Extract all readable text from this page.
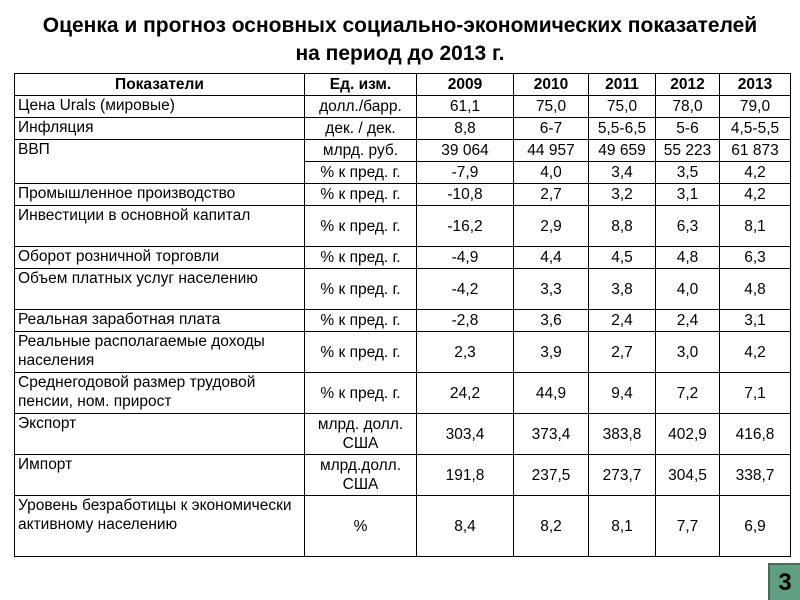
Оценка и прогноз основных социально-экономических показателей
на период до 2013 г.
Показатели	Ед. изм.	2009	2010	2011	2012	2013
Цена Urals (мировые)	долл./барр.	61,1	75,0	75,0	78,0	79,0
Инфляция	дек. / дек.	8,8	6-7	5,5-6,5	5-6	4,5-5,5
ВВП	млрд. руб.	39 064	44 957	49 659	55 223	61 873
	% к пред. г.	-7,9	4,0	3,4	3,5	4,2
Промышленное производство	% к пред. г.	-10,8	2,7	3,2	3,1	4,2
Инвестиции в основной капитал	% к пред. г.	-16,2	2,9	8,8	6,3	8,1
Оборот розничной торговли	% к пред. г.	-4,9	4,4	4,5	4,8	6,3
Объем платных услуг населению	% к пред. г.	-4,2	3,3	3,8	4,0	4,8
Реальная заработная плата	% к пред. г.	-2,8	3,6	2,4	2,4	3,1
Реальные располагаемые доходы населения	% к пред. г.	2,3	3,9	2,7	3,0	4,2
Среднегодовой размер трудовой пенсии, ном. прирост	% к пред. г.	24,2	44,9	9,4	7,2	7,1
Экспорт	млрд. долл. США	303,4	373,4	383,8	402,9	416,8
Импорт	млрд.долл. США	191,8	237,5	273,7	304,5	338,7
Уровень безработицы к экономически активному населению	%	8,4	8,2	8,1	7,7	6,9
3
